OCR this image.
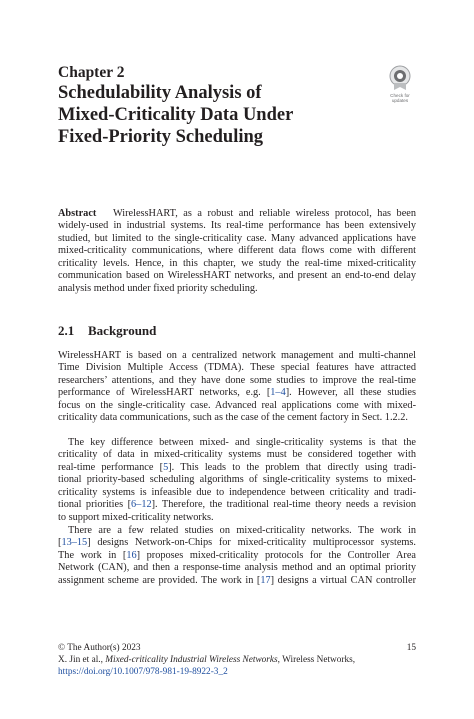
Chapter 2
Schedulability Analysis of
Mixed-Criticality Data Under
Fixed-Priority Scheduling
Check for
updates
Abstract WirelessHART, as a robust and reliable wireless protocol, has been
widely-used in industrial systems. Its real-time performance has been extensively
studied, but limited to the single-criticality case. Many advanced applications have
mixed-criticality communications, where different data flows come with different
criticality levels. Hence, in this chapter, we study the real-time mixed-criticality
communication based on WirelessHART networks, and present an end-to-end delay
analysis method under fixed priority scheduling.
2.1 Background
WirelessHART is based on a centralized network management and multi-channel
Time Division Multiple Access (TDMA). These special features have attracted
researchers’ attentions, and they have done some studies to improve the real-time
performance of WirelessHART networks, e.g. [1–4]. However, all these studies
focus on the single-criticality case. Advanced real applications come with mixed-
criticality data communications, such as the case of the cement factory in Sect. 1.2.2.
The key difference between mixed- and single-criticality systems is that the
criticality of data in mixed-criticality systems must be considered together with
real-time performance [5]. This leads to the problem that directly using tradi-
tional priority-based scheduling algorithms of single-criticality systems to mixed-
criticality systems is infeasible due to independence between criticality and tradi-
tional priorities [6–12]. Therefore, the traditional real-time theory needs a revision
to support mixed-criticality networks.
There are a few related studies on mixed-criticality networks. The work in
[13–15] designs Network-on-Chips for mixed-criticality multiprocessor systems.
The work in [16] proposes mixed-criticality protocols for the Controller Area
Network (CAN), and then a response-time analysis method and an optimal priority
assignment scheme are provided. The work in [17] designs a virtual CAN controller
© The Author(s) 2023	15
X. Jin et al., Mixed-criticality Industrial Wireless Networks, Wireless Networks,
https://doi.org/10.1007/978-981-19-8922-3_2
